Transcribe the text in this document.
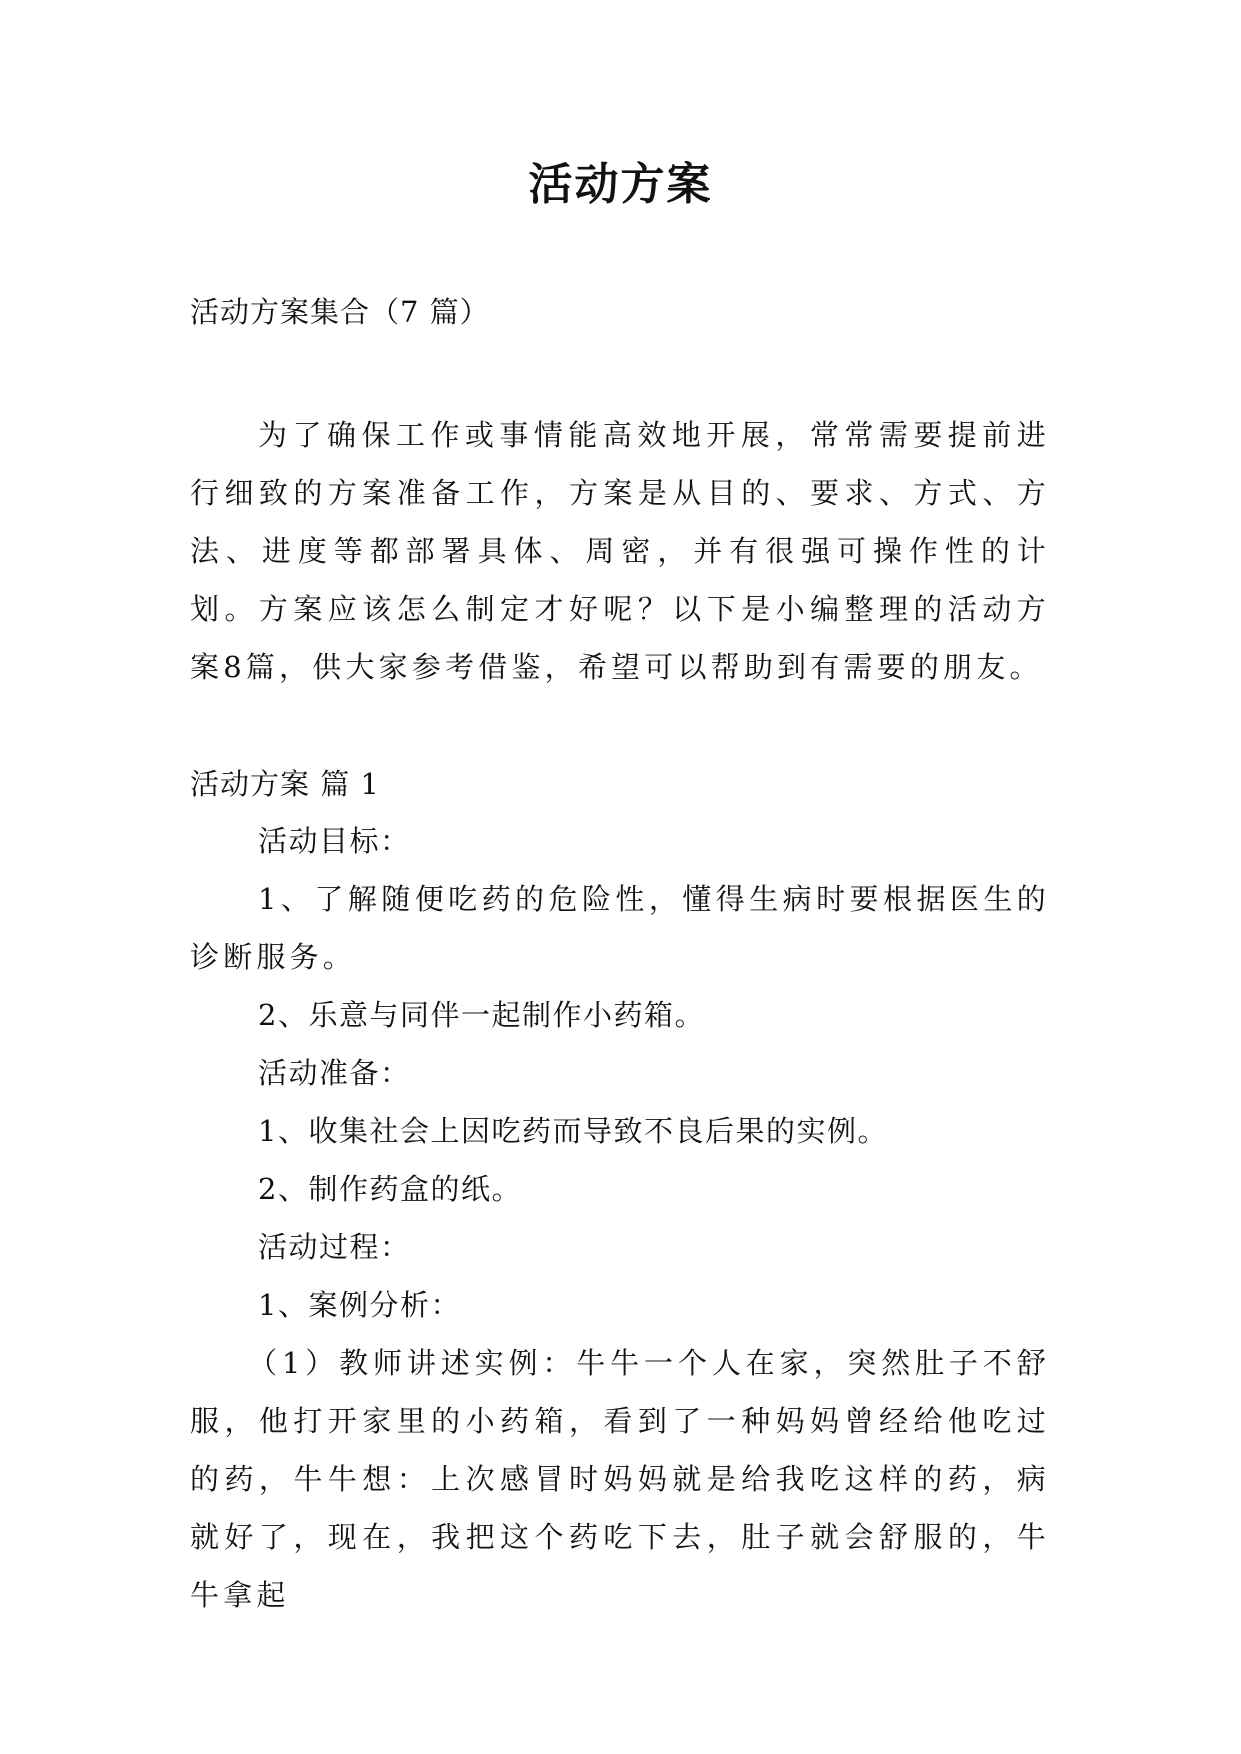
活动方案
活动方案集合（7 篇）
为了确保工作或事情能高效地开展，常常需要提前进行细致的方案准备工作，方案是从目的、要求、方式、方法、进度等都部署具体、周密，并有很强可操作性的计划。方案应该怎么制定才好呢？以下是小编整理的活动方案8篇，供大家参考借鉴，希望可以帮助到有需要的朋友。
活动方案 篇 1
活动目标：
1、了解随便吃药的危险性，懂得生病时要根据医生的诊断服务。
2、乐意与同伴一起制作小药箱。
活动准备：
1、收集社会上因吃药而导致不良后果的实例。
2、制作药盒的纸。
活动过程：
1、案例分析：
（1）教师讲述实例：牛牛一个人在家，突然肚子不舒服，他打开家里的小药箱，看到了一种妈妈曾经给他吃过的药，牛牛想：上次感冒时妈妈就是给我吃这样的药，病就好了，现在，我把这个药吃下去，肚子就会舒服的，牛牛拿起
